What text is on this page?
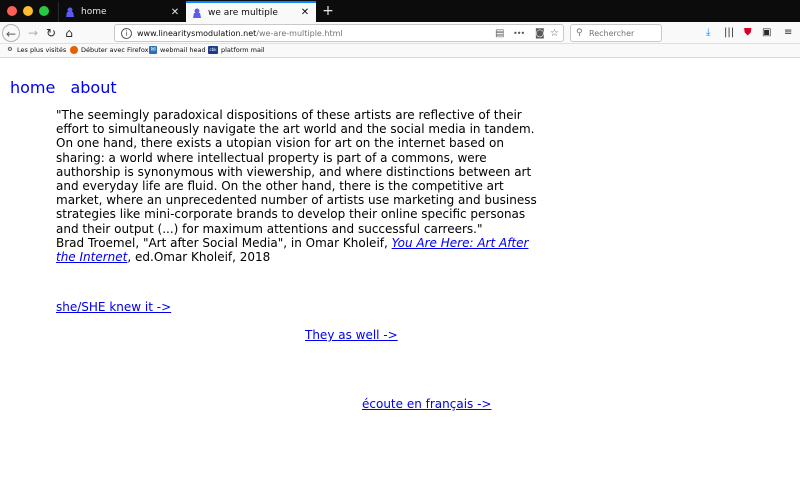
home	✕	we are multiple	✕ +
← → ↻ ⌂	i	www.linearitysmodulation.net/we-are-multiple.html	▤ ••• ◙ ☆ ⚲ Rechercher	⤓ ||| ⛊ ▣ ≡
⚙ Les plus visités Débuter avec Firefox ✉ webmail head cbk platform mail
home about
"The seemingly paradoxical dispositions of these artists are reflective of their effort to simultaneously navigate the art world and the social media in tandem. On one hand, there exists a utopian vision for art on the internet based on sharing: a world where intellectual property is part of a commons, were authorship is synonymous with viewership, and where distinctions between art and everyday life are fluid. On the other hand, there is the competitive art market, where an unprecedented number of artists use marketing and business strategies like mini-corporate brands to develop their online specific personas and their output (...) for maximum attentions and successful carreers."
Brad Troemel, "Art after Social Media", in Omar Kholeif, You Are Here: Art After the Internet, ed.Omar Kholeif, 2018
she/SHE knew it ->
They as well ->
écoute en français ->
